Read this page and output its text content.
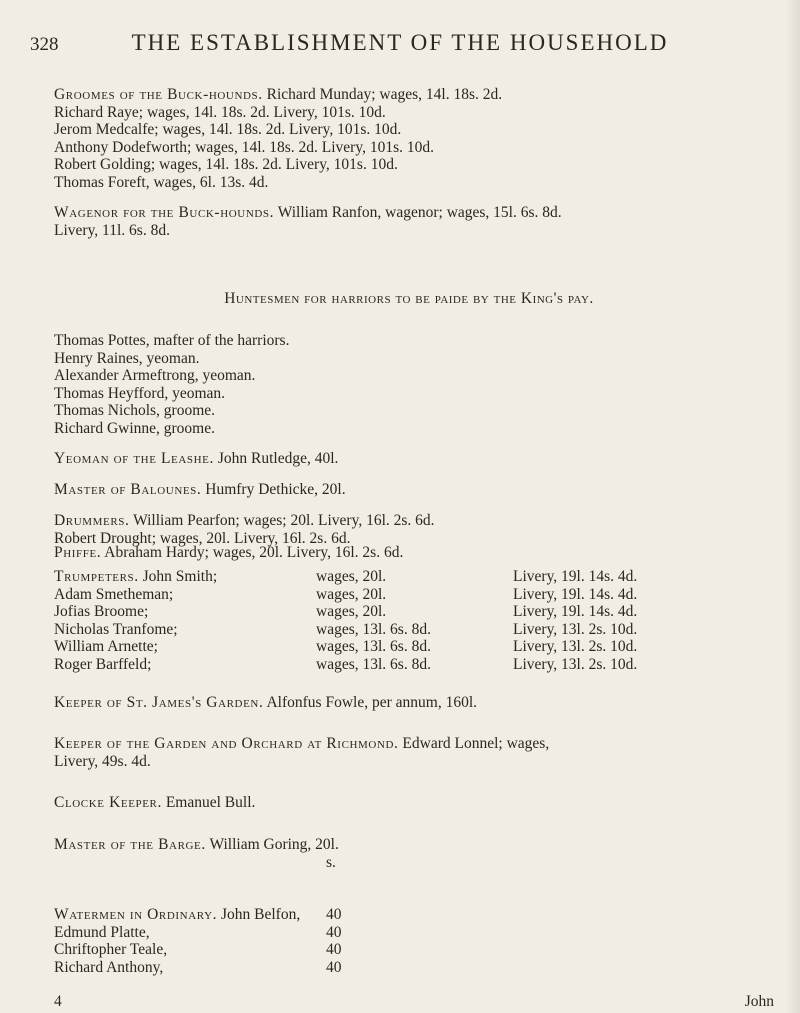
328	THE ESTABLISHMENT OF THE HOUSEHOLD

Groomes of the Buck-hounds. Richard Munday; wages, 14l. 18s. 2d.

Richard Raye; wages, 14l. 18s. 2d. Livery, 101s. 10d.

Jerom Medcalfe; wages, 14l. 18s. 2d. Livery, 101s. 10d.

Anthony Dodefworth; wages, 14l. 18s. 2d. Livery, 101s. 10d.

Robert Golding; wages, 14l. 18s. 2d. Livery, 101s. 10d.

Thomas Foreft, wages, 6l. 13s. 4d.

Wagenor for the Buck-hounds. William Ranfon, wagenor; wages, 15l. 6s. 8d.

Livery, 11l. 6s. 8d.

Huntesmen for harriors to be paide by the King's pay.
Thomas Pottes, mafter of the harriors.
Henry Raines, yeoman.
Alexander Armeftrong, yeoman.
Thomas Heyfford, yeoman.
Thomas Nichols, groome.
Richard Gwinne, groome.

Yeoman of the Leashe. John Rutledge, 40l.

Master of Balounes. Humfry Dethicke, 20l.

Drummers. William Pearfon; wages; 20l. Livery, 16l. 2s. 6d.

Robert Drought; wages, 20l. Livery, 16l. 2s. 6d.

Phiffe. Abraham Hardy; wages, 20l. Livery, 16l. 2s. 6d.

Trumpeters. John Smith;	wages, 20l.	Livery, 19l. 14s. 4d.
Adam Smetheman;	wages, 20l.	Livery, 19l. 14s. 4d.
Jofias Broome;	wages, 20l.	Livery, 19l. 14s. 4d.
Nicholas Tranfome;	wages, 13l. 6s. 8d.	Livery, 13l. 2s. 10d.
William Arnette;	wages, 13l. 6s. 8d.	Livery, 13l. 2s. 10d.
Roger Barffeld;	wages, 13l. 6s. 8d.	Livery, 13l. 2s. 10d.

Keeper of St. James's Garden. Alfonfus Fowle, per annum, 160l.

Keeper of the Garden and Orchard at Richmond. Edward Lonnel; wages,

Livery, 49s. 4d.

Clocke Keeper. Emanuel Bull.

Master of the Barge. William Goring, 20l.

s.

Watermen in Ordinary. John Belfon, 40
Edmund Platte,	40
Chriftopher Teale,	40
Richard Anthony,	40
4	John
